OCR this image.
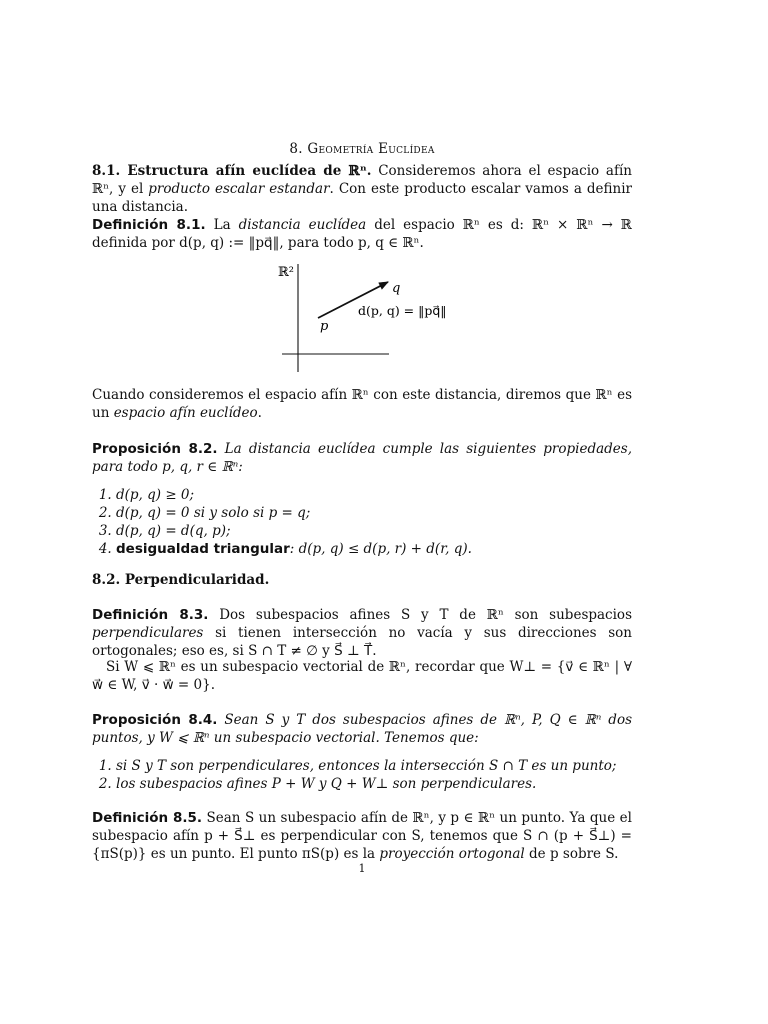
8. Geometría Euclídea
8.1. Estructura afín euclídea de ℝⁿ. Consideremos ahora el espacio afín ℝⁿ, y el producto escalar estandar. Con este producto escalar vamos a definir una distancia.
Definición 8.1. La distancia euclídea del espacio ℝⁿ es d: ℝⁿ × ℝⁿ → ℝ definida por d(p, q) := ‖pq⃗‖, para todo p, q ∈ ℝⁿ.
ℝ²
p
q
d(p, q) = ‖pq⃗‖
Cuando consideremos el espacio afín ℝⁿ con este distancia, diremos que ℝⁿ es un espacio afín euclídeo.
Proposición 8.2. La distancia euclídea cumple las siguientes propiedades, para todo p, q, r ∈ ℝⁿ:
1. d(p, q) ≥ 0;
2. d(p, q) = 0 si y solo si p = q;
3. d(p, q) = d(q, p);
4. desigualdad triangular: d(p, q) ≤ d(p, r) + d(r, q).
8.2. Perpendicularidad.
Definición 8.3. Dos subespacios afines S y T de ℝⁿ son subespacios perpendiculares si tienen intersección no vacía y sus direcciones son ortogonales; eso es, si S ∩ T ≠ ∅ y S⃗ ⊥ T⃗.
Si W ⩽ ℝⁿ es un subespacio vectorial de ℝⁿ, recordar que W⊥ = {v⃗ ∈ ℝⁿ | ∀ w⃗ ∈ W, v⃗ · w⃗ = 0}.
Proposición 8.4. Sean S y T dos subespacios afines de ℝⁿ, P, Q ∈ ℝⁿ dos puntos, y W ⩽ ℝⁿ un subespacio vectorial. Tenemos que:
1. si S y T son perpendiculares, entonces la intersección S ∩ T es un punto;
2. los subespacios afines P + W y Q + W⊥ son perpendiculares.
Definición 8.5. Sean S un subespacio afín de ℝⁿ, y p ∈ ℝⁿ un punto. Ya que el subespacio afín p + S⃗⊥ es perpendicular con S, tenemos que S ∩ (p + S⃗⊥) = {πS(p)} es un punto. El punto πS(p) es la proyección ortogonal de p sobre S.
1
